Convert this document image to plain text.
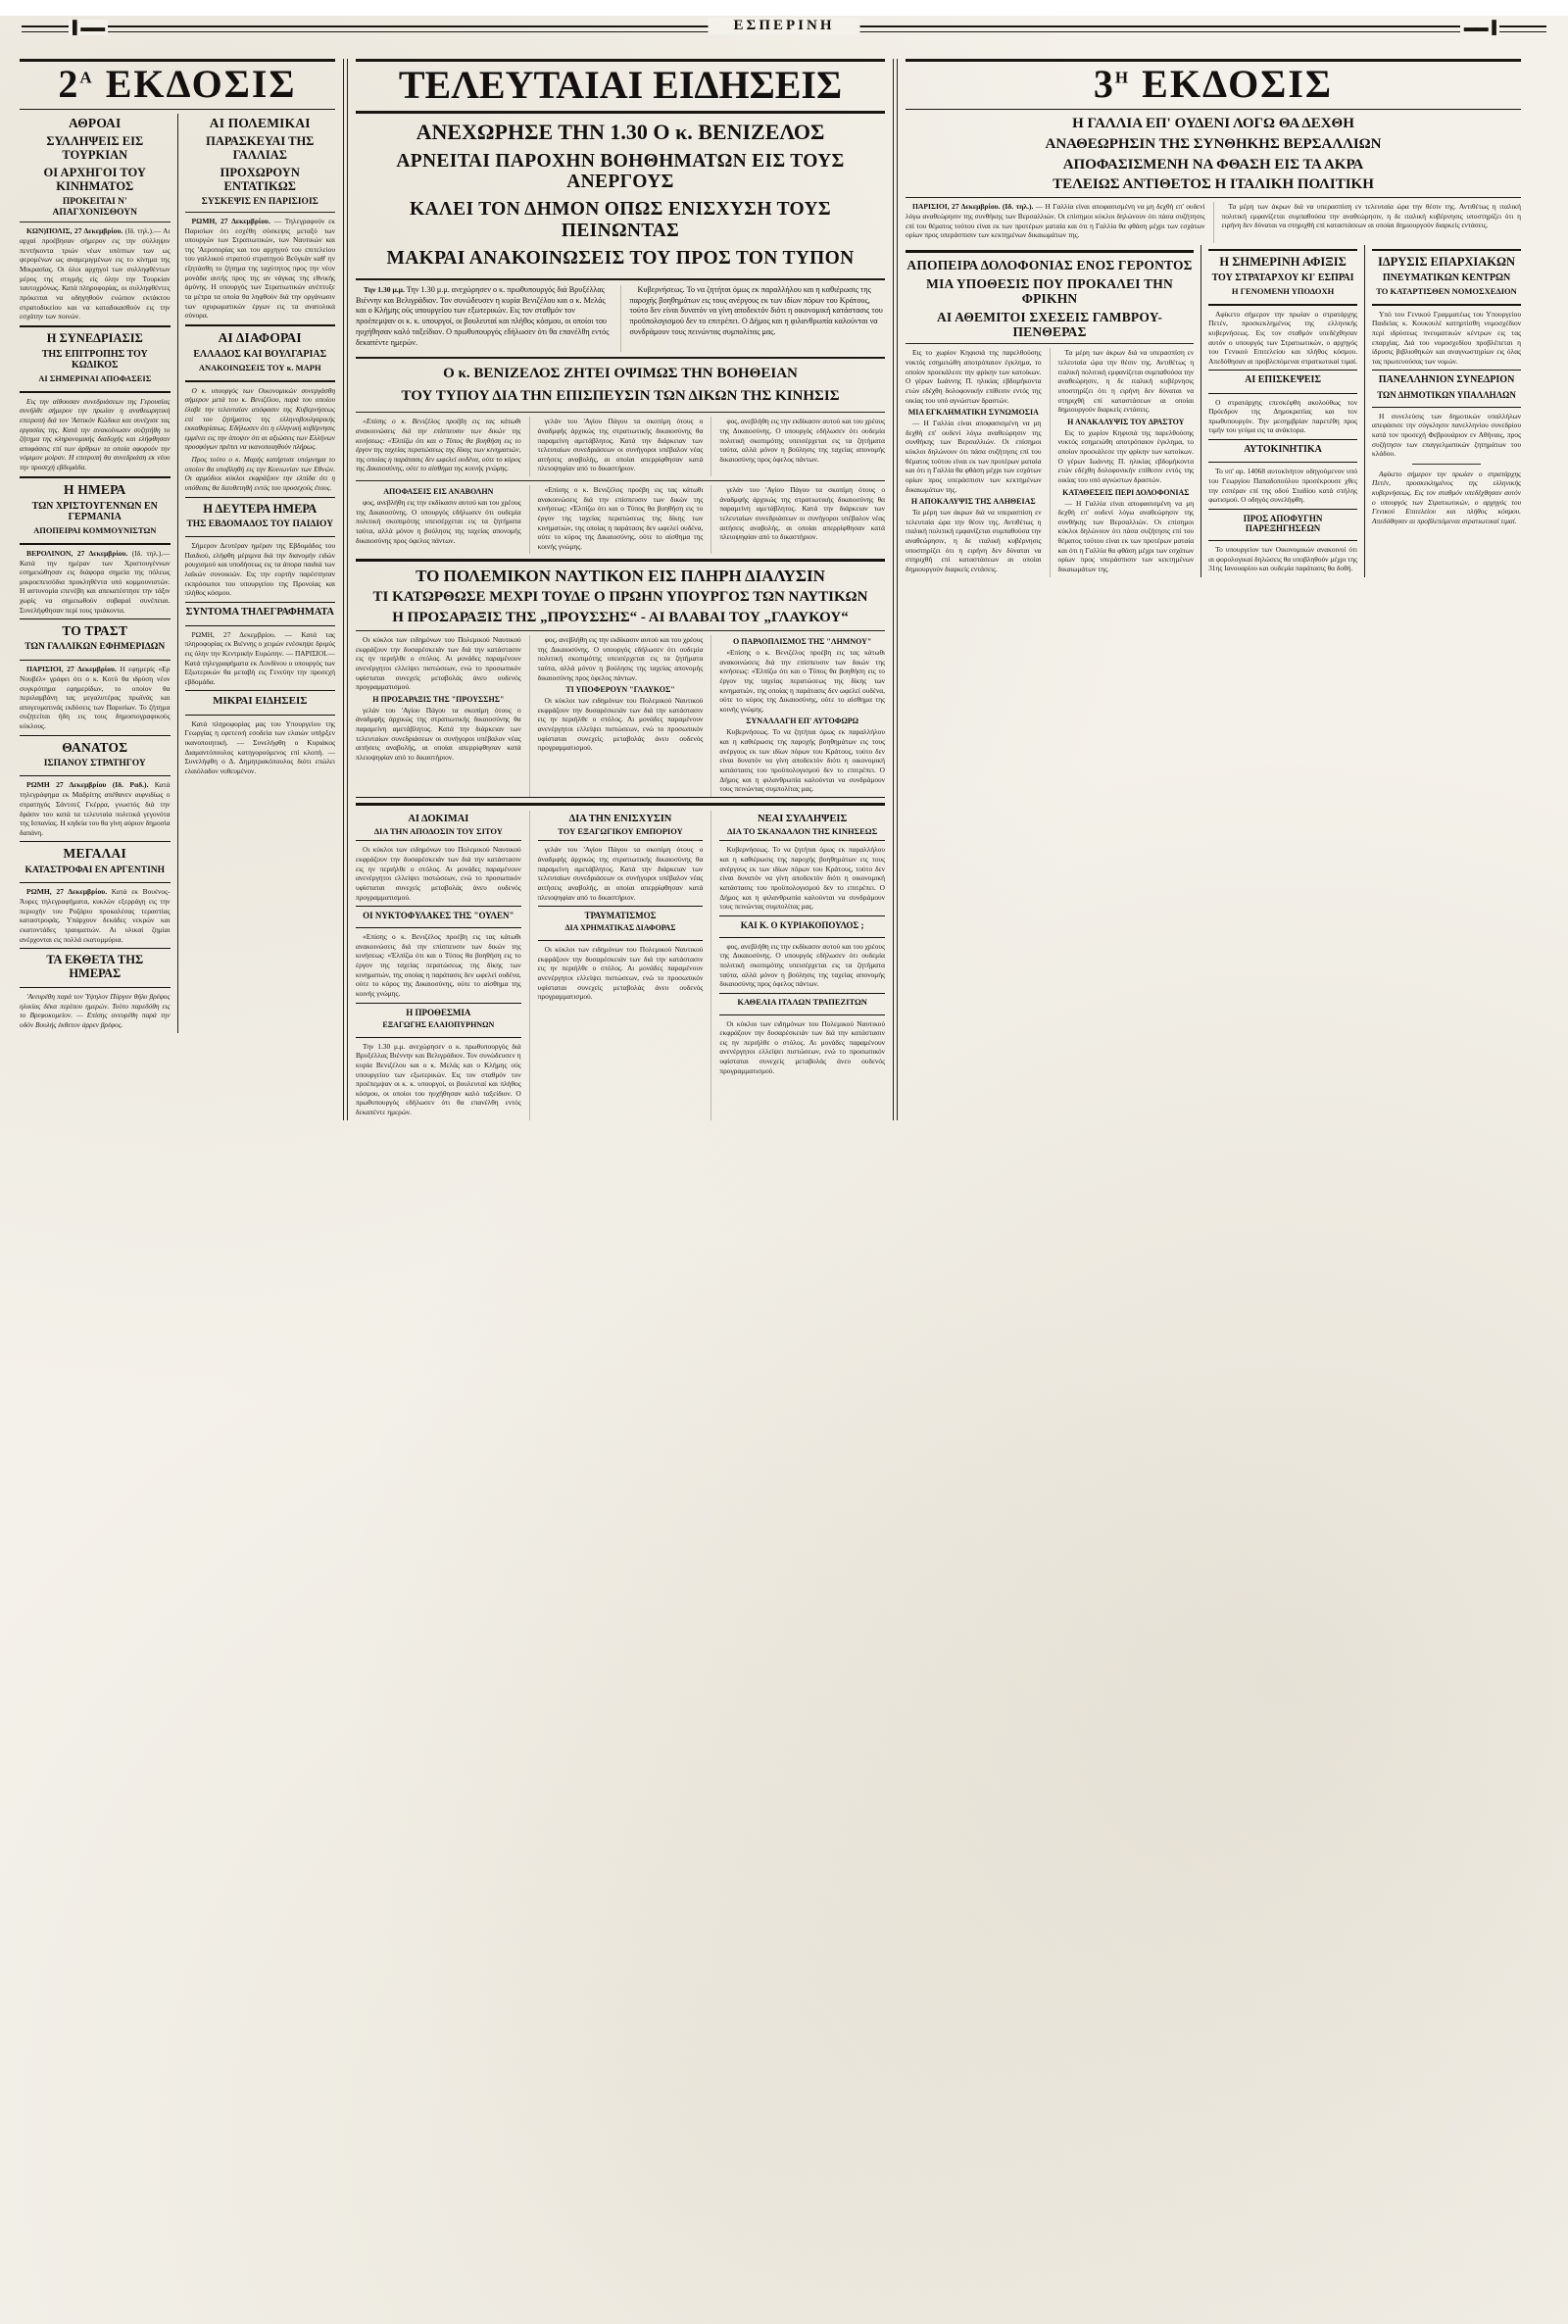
▌▬▬	ΕΣΠΕΡΙΝΗ	▬▬▐
$2^A$ ΕΚΔΟΣΙΣ
ΑΘΡΟΑΙ
ΣΥΛΛΗΨΕΙΣ ΕΙΣ ΤΟΥΡΚΙΑΝ
ΟΙ ΑΡΧΗΓΟΙ ΤΟΥ ΚΙΝΗΜΑΤΟΣ
ΠΡΟΚΕΙΤΑΙ Ν' ΑΠΑΓΧΟΝΙΣΘΟΥΝ

ΚΩΝ)ΠΟΛΙΣ, 27 Δεκεμβρίου. (Ιδ. τηλ.).— Αι αρχαί προέβησαν σήμερον εις την σύλληψιν πεντήκοντα τριών νέων υπόπτων των ως φερομένων ως αναμεμιγμένων εις το κίνημα της Μικρασίας. Οι όλοι αρχηγοί των συλληφθέντων μέρος της στιγμής είς όλην την Τουρκίαν ταυτοχρόνως. Κατά πληροφορίας, οι συλληφθέντες πρόκειται να οδηγηθούν ενώπιον εκτάκτου στρατοδικείου και να καταδικασθούν εις την εσχάτην των ποινών.

Η ΣΥΝΕΔΡΙΑΣΙΣ
ΤΗΣ ΕΠΙΤΡΟΠΗΣ ΤΟΥ ΚΩΔΙΚΟΣ
ΑΙ ΣΗΜΕΡΙΝΑΙ ΑΠΟΦΑΣΕΙΣ

Εις την αίθουσαν συνεδριάσεων της Γερουσίας συνήλθε σήμερον την πρωίαν η αναθεωρητική επιτροπή διά τον 'Αστικόν Κώδικα και συνέχισε τας εργασίας της. Κατά την ανακοίνωσιν συζητήθη το ζήτημα της κληρονομικής διαδοχής και ελήφθησαν αποφάσεις επί των άρθρων τα οποία αφορούν την νόμιμον μοίραν. Η επιτροπή θα συνεδριάση εκ νέου την προσεχή εβδομάδα.

Η ΗΜΕΡΑ
ΤΩΝ ΧΡΙΣΤΟΥΓΕΝΝΩΝ ΕΝ ΓΕΡΜΑΝΙΑ
ΑΠΟΠΕΙΡΑΙ ΚΟΜΜΟΥΝΙΣΤΩΝ

ΒΕΡΟΛΙΝΟΝ, 27 Δεκεμβρίου. (Ιδ. τηλ.).— Κατά την ημέραν των Χριστουγέννων εσημειώθησαν εις διάφορα σημεία της πόλεως μικροεπεισόδια προκληθέντα υπό κομμουνιστών. Η αστυνομία επενέβη και απεκατέστησε την τάξιν χωρίς να σημειωθούν σοβαραί συνέπειαι. Συνελήφθησαν περί τους τριάκοντα.

ΤΟ ΤΡΑΣΤ
ΤΩΝ ΓΑΛΛΙΚΩΝ ΕΦΗΜΕΡΙΔΩΝ

ΠΑΡΙΣΙΟΙ, 27 Δεκεμβρίου. Η εφημερίς «Ερ Νουβέλ» γράφει ότι ο κ. Κοτύ θα ιδρύση νέον συγκρότημα εφημερίδων, το οποίον θα περιλαμβάνη τας μεγαλυτέρας πρωϊνάς και απογευματινάς εκδόσεις των Παρισίων. Το ζήτημα συζητείται ήδη εις τους δημοσιογραφικούς κύκλους.

ΘΑΝΑΤΟΣ
ΙΣΠΑΝΟΥ ΣΤΡΑΤΗΓΟΥ

ΡΩΜΗ 27 Δεκεμβρίου (Ιδ. Ραδ.). Κατά τηλεγράφημα εκ Μαδρίτης απέθανεν αιφνιδίως ο στρατηγός Σάντσεζ Γκέρρα, γνωστός διά την δράσιν του κατά τα τελευταία πολιτικά γεγονότα της Ισπανίας. Η κηδεία του θα γίνη αύριον δημοσία δαπάνη.

ΜΕΓΑΛΑΙ
ΚΑΤΑΣΤΡΟΦΑΙ ΕΝ ΑΡΓΕΝΤΙΝΗ

ΡΩΜΗ, 27 Δεκεμβρίου. Κατά εκ Βουένος-Άυρες τηλεγραφήματα, κυκλών εξερράγη εις την περιοχήν του Ροζάριο προκαλέσας τεραστίας καταστροφάς. Υπάρχουν δεκάδες νεκρών και εκατοντάδες τραυματιών. Αι υλικαί ζημίαι ανέρχονται εις πολλά εκατομμύρια.

ΤΑ ΕΚΘΕΤΑ ΤΗΣ ΗΜΕΡΑΣ

'Ανευρέθη παρά τον Ύψηλον Πύργον θήλυ βρέφος ηλικίας δέκα περίπου ημερών. Τούτο παρεδόθη εις το Βρεφοκομείον. — Επίσης ανευρέθη παρά την οδόν Βουλής έκθετον άρρεν βρέφος.

ΑΙ ΠΟΛΕΜΙΚΑΙ
ΠΑΡΑΣΚΕΥΑΙ ΤΗΣ ΓΑΛΛΙΑΣ
ΠΡΟΧΩΡΟΥΝ ΕΝΤΑΤΙΚΩΣ
ΣΥΣΚΕΨΙΣ ΕΝ ΠΑΡΙΣΙΟΙΣ

ΡΩΜΗ, 27 Δεκεμβρίου. — Τηλεγραφούν εκ Παρισίων ότι εσχέθη σύσκεψις μεταξύ των υπουργών των Στρατιωτικών, των Ναυτικών και της 'Αεροπορίας και του αρχηγού του επιτελείου του γαλλικού στρατού στρατηγού Βεϋγκάν καθ' ην εξητάσθη το ζήτημα της ταχύτητος προς την νέον μονάδα αυτής προς της αν νάγκας της εθνικής άμύνης. Η υπουργός των Στρατιωτικών ανέπτυξε τα μέτρα τα οποία θα ληφθούν διά την οργάνωσιν των οχυρωματικών έργων εις τα ανατολικά σύνορα.

ΑΙ ΔΙΑΦΟΡΑΙ
ΕΛΛΑΔΟΣ ΚΑΙ ΒΟΥΛΓΑΡΙΑΣ
ΑΝΑΚΟΙΝΩΣΕΙΣ ΤΟΥ κ. ΜΑΡΗ

Ο κ. υπουργός των Οικονομικών συνεργάσθη σήμερον μετά του κ. Βενιζέλου, παρά του οποίου έλαβε την τελευταίαν απόφασιν της Κυβερνήσεως επί του ζητήματος της ελληνοβουλγαρικής εκκαθαρίσεως. Εδήλωσεν ότι η ελληνική κυβέρνησις εμμένει εις την άποψιν ότι αι αξιώσεις των Ελλήνων προσφύγων πρέπει να ικανοποιηθούν πλήρως.

Προς τούτο ο κ. Μαρής κατήρτισε υπόμνημα το οποίον θα υποβληθή εις την Κοινωνίαν των Εθνών. Οι αρμόδιοι κύκλοι εκφράζουν την ελπίδα ότι η υπόθεσις θα διευθετηθή εντός του προσεχούς έτους.

Η ΔΕΥΤΕΡΑ ΗΜΕΡΑ
ΤΗΣ ΕΒΔΟΜΑΔΟΣ ΤΟΥ ΠΑΙΔΙΟΥ

Σήμερον Δευτέραν ημέραν της Εβδομάδος του Παιδιού, ελήφθη μέριμνα διά την διανομήν ειδών ρουχισμού και υποδήσεως εις τα άπορα παιδιά των λαϊκών συνοικιών. Εις την εορτήν παρέστησαν εκπρόσωποι του υπουργείου της Προνοίας και πλήθος κόσμου.

ΣΥΝΤΟΜΑ ΤΗΛΕΓΡΑΦΗΜΑΤΑ

ΡΩΜΗ, 27 Δεκεμβρίου. — Κατά τας πληροφορίας εκ Βιέννης ο χειμών ενέσκηψε δριμύς εις όλην την Κεντρικήν Ευρώπην. — ΠΑΡΙΣΙΟΙ.— Κατά τηλεγραφήματα εκ Λονδίνου ο υπουργός των Εξωτερικών θα μεταβή εις Γενεύην την προσεχή εβδομάδα.

ΜΙΚΡΑΙ ΕΙΔΗΣΕΙΣ

Κατά πληροφορίας μας του Υπουργείου της Γεωργίας η εφετεινή εσοδεία των ελαιών υπήρξεν ικανοποιητική. — Συνελήφθη ο Κυριάκος Διαμαντόπουλος κατηγορούμενος επί κλοπή. — Συνελήφθη ο Δ. Δημητρακόπουλος διότι επώλει ελαιόλαδον νοθευμένον.

ΤΕΛΕΥΤΑΙΑΙ ΕΙΔΗΣΕΙΣ
ΑΝΕΧΩΡΗΣΕ ΤΗΝ 1.30 Ο κ. ΒΕΝΙΖΕΛΟΣ
ΑΡΝΕΙΤΑΙ ΠΑΡΟΧΗΝ ΒΟΗΘΗΜΑΤΩΝ ΕΙΣ ΤΟΥΣ ΑΝΕΡΓΟΥΣ
ΚΑΛΕΙ ΤΟΝ ΔΗΜΟΝ ΟΠΩΣ ΕΝΙΣΧΥΣΗ ΤΟΥΣ ΠΕΙΝΩΝΤΑΣ
ΜΑΚΡΑΙ ΑΝΑΚΟΙΝΩΣΕΙΣ ΤΟΥ ΠΡΟΣ ΤΟΝ ΤΥΠΟΝ

Την 1.30 μ.μ. Την 1.30 μ.μ. ανεχώρησεν ο κ. πρωθυπουργός διά Βρυξέλλας Βιέννην και Βελιγράδιον. Τον συνώδευσεν η κυρία Βενιζέλου και ο κ. Μελάς και ο Κλήμης ούς υπουργείου των εξωτερικών. Εις τον σταθμόν τον προέπεμψαν οι κ. κ. υπουργοί, οι βουλευταί και πλήθος κόσμου, οι οποίοι του ηυχήθησαν καλό ταξείδιον. Ο πρωθυπουργός εδήλωσεν ότι θα επανέλθη εντός δεκαπέντε ημερών.

Κυβερνήσεως. Το να ζητήται όμως εκ παραλλήλου και η καθιέρωσις της παροχής βοηθημάτων εις τους ανέργους εκ των ιδίων πόρων του Κράτους, τούτο δεν είναι δυνατόν να γίνη αποδεκτόν διότι η οικονομική κατάστασις του προϋπολογισμού δεν το επιτρέπει. Ο Δήμος και η φιλανθρωπία καλούνται να συνδράμουν τους πεινώντας συμπολίτας μας.

Ο κ. ΒΕΝΙΖΕΛΟΣ ΖΗΤΕΙ ΟΨΙΜΩΣ ΤΗΝ ΒΟΗΘΕΙΑΝ
ΤΟΥ ΤΥΠΟΥ ΔΙΑ ΤΗΝ ΕΠΙΣΠΕΥΣΙΝ ΤΩΝ ΔΙΚΩΝ ΤΗΣ ΚΙΝΗΣΙΣ

«Επίσης ο κ. Βενιζέλος προέβη εις τας κάτωθι ανακοινώσεις διά την επίσπευσιν των δικών της κινήσεως: «Έλπίζω ότι και ο Τύπος θα βοηθήση εις το έργον της ταχείας περατώσεως της δίκης των κινηματιών, της οποίας η παράτασις δεν ωφελεί ουδένα, ούτε το κύρος της Δικαιοσύνης, ούτε το αίσθημα της κοινής γνώμης.

γελάν του 'Αγίου Πάγου τα σκοπίμη ότους ο άναδμφής άρχικώς της στρατιωτικής δικαιοσύνης θα παραμείνη αμετάβλητος. Κατά την διάρκειαν των τελευταίων συνεδριάσεων οι συνήγοροι υπέβαλον νέας αιτήσεις αναβολής, αι οποίαι απερρίφθησαν κατά πλειοψηφίαν από το δικαστήριον.

φος, ανεβλήθη εις την εκδίκασιν αυτού και του χρέους της Δικαιοσύνης. Ο υπουργός εδήλωσεν ότι ουδεμία πολιτική σκοπιμότης υπεισέρχεται εις τα ζητήματα ταύτα, αλλά μόνον η βούλησις της ταχείας απονομής δικαιοσύνης προς όφελος πάντων.

ΑΠΟΦΑΣΕΙΣ ΕΙΣ ΑΝΑΒΟΛΗΝ

φος, ανεβλήθη εις την εκδίκασιν αυτού και του χρέους της Δικαιοσύνης. Ο υπουργός εδήλωσεν ότι ουδεμία πολιτική σκοπιμότης υπεισέρχεται εις τα ζητήματα ταύτα, αλλά μόνον η βούλησις της ταχείας απονομής δικαιοσύνης προς όφελος πάντων.

«Επίσης ο κ. Βενιζέλος προέβη εις τας κάτωθι ανακοινώσεις διά την επίσπευσιν των δικών της κινήσεως: «Έλπίζω ότι και ο Τύπος θα βοηθήση εις το έργον της ταχείας περατώσεως της δίκης των κινηματιών, της οποίας η παράτασις δεν ωφελεί ουδένα, ούτε το κύρος της Δικαιοσύνης, ούτε το αίσθημα της κοινής γνώμης.

γελάν του 'Αγίου Πάγου τα σκοπίμη ότους ο άναδμφής άρχικώς της στρατιωτικής δικαιοσύνης θα παραμείνη αμετάβλητος. Κατά την διάρκειαν των τελευταίων συνεδριάσεων οι συνήγοροι υπέβαλον νέας αιτήσεις αναβολής, αι οποίαι απερρίφθησαν κατά πλειοψηφίαν από το δικαστήριον.

ΤΟ ΠΟΛΕΜΙΚΟΝ ΝΑΥΤΙΚΟΝ ΕΙΣ ΠΛΗΡΗ ΔΙΑΛΥΣΙΝ
ΤΙ ΚΑΤΩΡΘΩΣΕ ΜΕΧΡΙ ΤΟΥΔΕ Ο ΠΡΩΗΝ ΥΠΟΥΡΓΟΣ ΤΩΝ ΝΑΥΤΙΚΩΝ
Η ΠΡΟΣΑΡΑΞΙΣ ΤΗΣ „ΠΡΟΥΣΣΗΣ“ - ΑΙ ΒΛΑΒΑΙ ΤΟΥ „ΓΛΑΥΚΟΥ“

Οι κύκλοι των ειδημόνων του Πολεμικού Ναυτικού εκφράζουν την δυσαρέσκειάν των διά την κατάστασιν εις ην περιήλθε ο στόλος. Αι μονάδες παραμένουν ανενέργητοι ελλείψει πιστώσεων, ενώ το προσωπικόν υφίσταται συνεχείς μεταβολάς άνευ ουδενός προγραμματισμού.

Η ΠΡΟΣΑΡΑΞΙΣ ΤΗΣ "ΠΡΟΥΣΣΗΣ"

γελάν του 'Αγίου Πάγου τα σκοπίμη ότους ο άναδμφής άρχικώς της στρατιωτικής δικαιοσύνης θα παραμείνη αμετάβλητος. Κατά την διάρκειαν των τελευταίων συνεδριάσεων οι συνήγοροι υπέβαλον νέας αιτήσεις αναβολής, αι οποίαι απερρίφθησαν κατά πλειοψηφίαν από το δικαστήριον.

φος, ανεβλήθη εις την εκδίκασιν αυτού και του χρέους της Δικαιοσύνης. Ο υπουργός εδήλωσεν ότι ουδεμία πολιτική σκοπιμότης υπεισέρχεται εις τα ζητήματα ταύτα, αλλά μόνον η βούλησις της ταχείας απονομής δικαιοσύνης προς όφελος πάντων.

ΤΙ ΥΠΟΦΕΡΟΥΝ "ΓΛΑΥΚΟΣ"

Οι κύκλοι των ειδημόνων του Πολεμικού Ναυτικού εκφράζουν την δυσαρέσκειάν των διά την κατάστασιν εις ην περιήλθε ο στόλος. Αι μονάδες παραμένουν ανενέργητοι ελλείψει πιστώσεων, ενώ το προσωπικόν υφίσταται συνεχείς μεταβολάς άνευ ουδενός προγραμματισμού.

Ο ΠΑΡΑΟΠΛΙΣΜΟΣ ΤΗΣ "ΛΗΜΝΟΥ"

«Επίσης ο κ. Βενιζέλος προέβη εις τας κάτωθι ανακοινώσεις διά την επίσπευσιν των δικών της κινήσεως: «Έλπίζω ότι και ο Τύπος θα βοηθήση εις το έργον της ταχείας περατώσεως της δίκης των κινηματιών, της οποίας η παράτασις δεν ωφελεί ουδένα, ούτε το κύρος της Δικαιοσύνης, ούτε το αίσθημα της κοινής γνώμης.

ΣΥΝΑΛΛΑΓΗ ΕΠ' ΑΥΤΟΦΩΡΩ

Κυβερνήσεως. Το να ζητήται όμως εκ παραλλήλου και η καθιέρωσις της παροχής βοηθημάτων εις τους ανέργους εκ των ιδίων πόρων του Κράτους, τούτο δεν είναι δυνατόν να γίνη αποδεκτόν διότι η οικονομική κατάστασις του προϋπολογισμού δεν το επιτρέπει. Ο Δήμος και η φιλανθρωπία καλούνται να συνδράμουν τους πεινώντας συμπολίτας μας.

ΑΙ ΔΟΚΙΜΑΙ
ΔΙΑ ΤΗΝ ΑΠΟΔΟΣΙΝ ΤΟΥ ΣΙΤΟΥ

Οι κύκλοι των ειδημόνων του Πολεμικού Ναυτικού εκφράζουν την δυσαρέσκειάν των διά την κατάστασιν εις ην περιήλθε ο στόλος. Αι μονάδες παραμένουν ανενέργητοι ελλείψει πιστώσεων, ενώ το προσωπικόν υφίσταται συνεχείς μεταβολάς άνευ ουδενός προγραμματισμού.

ΟΙ ΝΥΚΤΟΦΥΛΑΚΕΣ ΤΗΣ "ΟΥΛΕΝ"

«Επίσης ο κ. Βενιζέλος προέβη εις τας κάτωθι ανακοινώσεις διά την επίσπευσιν των δικών της κινήσεως: «Έλπίζω ότι και ο Τύπος θα βοηθήση εις το έργον της ταχείας περατώσεως της δίκης των κινηματιών, της οποίας η παράτασις δεν ωφελεί ουδένα, ούτε το κύρος της Δικαιοσύνης, ούτε το αίσθημα της κοινής γνώμης.

Η ΠΡΟΘΕΣΜΙΑ
ΕΞΑΓΩΓΗΣ ΕΛΑΙΟΠΥΡΗΝΩΝ

Την 1.30 μ.μ. ανεχώρησεν ο κ. πρωθυπουργός διά Βρυξέλλας Βιέννην και Βελιγράδιον. Τον συνώδευσεν η κυρία Βενιζέλου και ο κ. Μελάς και ο Κλήμης ούς υπουργείου των εξωτερικών. Εις τον σταθμόν τον προέπεμψαν οι κ. κ. υπουργοί, οι βουλευταί και πλήθος κόσμου, οι οποίοι του ηυχήθησαν καλό ταξείδιον. Ο πρωθυπουργός εδήλωσεν ότι θα επανέλθη εντός δεκαπέντε ημερών.

ΔΙΑ ΤΗΝ ΕΝΙΣΧΥΣΙΝ
ΤΟΥ ΕΞΑΓΩΓΙΚΟΥ ΕΜΠΟΡΙΟΥ

γελάν του 'Αγίου Πάγου τα σκοπίμη ότους ο άναδμφής άρχικώς της στρατιωτικής δικαιοσύνης θα παραμείνη αμετάβλητος. Κατά την διάρκειαν των τελευταίων συνεδριάσεων οι συνήγοροι υπέβαλον νέας αιτήσεις αναβολής, αι οποίαι απερρίφθησαν κατά πλειοψηφίαν από το δικαστήριον.

ΤΡΑΥΜΑΤΙΣΜΟΣ
ΔΙΑ ΧΡΗΜΑΤΙΚΑΣ ΔΙΑΦΟΡΑΣ

Οι κύκλοι των ειδημόνων του Πολεμικού Ναυτικού εκφράζουν την δυσαρέσκειάν των διά την κατάστασιν εις ην περιήλθε ο στόλος. Αι μονάδες παραμένουν ανενέργητοι ελλείψει πιστώσεων, ενώ το προσωπικόν υφίσταται συνεχείς μεταβολάς άνευ ουδενός προγραμματισμού.

ΝΕΑΙ ΣΥΛΛΗΨΕΙΣ
ΔΙΑ ΤΟ ΣΚΑΝΔΑΛΟΝ ΤΗΣ ΚΙΝΗΣΕΩΣ

Κυβερνήσεως. Το να ζητήται όμως εκ παραλλήλου και η καθιέρωσις της παροχής βοηθημάτων εις τους ανέργους εκ των ιδίων πόρων του Κράτους, τούτο δεν είναι δυνατόν να γίνη αποδεκτόν διότι η οικονομική κατάστασις του προϋπολογισμού δεν το επιτρέπει. Ο Δήμος και η φιλανθρωπία καλούνται να συνδράμουν τους πεινώντας συμπολίτας μας.

ΚΑΙ Κ. Ο ΚΥΡΙΑΚΟΠΟΥΛΟΣ ;

φος, ανεβλήθη εις την εκδίκασιν αυτού και του χρέους της Δικαιοσύνης. Ο υπουργός εδήλωσεν ότι ουδεμία πολιτική σκοπιμότης υπεισέρχεται εις τα ζητήματα ταύτα, αλλά μόνον η βούλησις της ταχείας απονομής δικαιοσύνης προς όφελος πάντων.

ΚΑΘΕΛΙΑ ΙΤΑΛΩΝ ΤΡΑΠΕΖΙΤΩΝ

Οι κύκλοι των ειδημόνων του Πολεμικού Ναυτικού εκφράζουν την δυσαρέσκειάν των διά την κατάστασιν εις ην περιήλθε ο στόλος. Αι μονάδες παραμένουν ανενέργητοι ελλείψει πιστώσεων, ενώ το προσωπικόν υφίσταται συνεχείς μεταβολάς άνευ ουδενός προγραμματισμού.

$3^H$ ΕΚΔΟΣΙΣ
Η ΓΑΛΛΙΑ ΕΠ' ΟΥΔΕΝΙ ΛΟΓΩ ΘΑ ΔΕΧΘΗ
ΑΝΑΘΕΩΡΗΣΙΝ ΤΗΣ ΣΥΝΘΗΚΗΣ ΒΕΡΣΑΛΛΙΩΝ
ΑΠΟΦΑΣΙΣΜΕΝΗ ΝΑ ΦΘΑΣΗ ΕΙΣ ΤΑ ΑΚΡΑ
ΤΕΛΕΙΩΣ ΑΝΤΙΘΕΤΟΣ Η ΙΤΑΛΙΚΗ ΠΟΛΙΤΙΚΗ

ΠΑΡΙΣΙΟΙ, 27 Δεκεμβρίου. (Ιδ. τηλ.). — Η Γαλλία είναι αποφασισμένη να μη δεχθή επ' ουδενί λόγω αναθεώρησιν της συνθήκης των Βερσαλλιών. Οι επίσημοι κύκλοι δηλώνουν ότι πάσα συζήτησις επί του θέματος τούτου είναι εκ των προτέρων ματαία και ότι η Γαλλία θα φθάση μέχρι των εσχάτων ορίων προς υπεράσπισιν των κεκτημένων δικαιωμάτων της.

Τα μέρη των άκρων διά να υπερασπίση εν τελευταία ώρα την θέσιν της. Αντιθέτως η ιταλική πολιτική εμφανίζεται συμπαθούσα την αναθεώρησιν, η δε ιταλική κυβέρνησις υποστηρίζει ότι η ειρήνη δεν δύναται να στηριχθή επί καταστάσεων αι οποίαι δημιουργούν διαρκείς εντάσεις.

ΑΠΟΠΕΙΡΑ ΔΟΛΟΦΟΝΙΑΣ ΕΝΟΣ ΓΕΡΟΝΤΟΣ
ΜΙΑ ΥΠΟΘΕΣΙΣ ΠΟΥ ΠΡΟΚΑΛΕΙ ΤΗΝ ΦΡΙΚΗΝ
ΑΙ ΑΘΕΜΙΤΟΙ ΣΧΕΣΕΙΣ ΓΑΜΒΡΟΥ-ΠΕΝΘΕΡΑΣ

Εις το χωρίον Κηφισιά της παρελθούσης νυκτός εσημειώθη αποτρόπαιον έγκλημα, το οποίον προεκάλεσε την φρίκην των κατοίκων. Ο γέρων Ιωάννης Π. ηλικίας εβδομήκοντα ετών εδέχθη δολοφονικήν επίθεσιν εντός της οικίας του υπό αγνώστων δραστών.

ΜΙΑ ΕΓΚΛΗΜΑΤΙΚΗ ΣΥΝΩΜΟΣΙΑ

— Η Γαλλία είναι αποφασισμένη να μη δεχθή επ' ουδενί λόγω αναθεώρησιν της συνθήκης των Βερσαλλιών. Οι επίσημοι κύκλοι δηλώνουν ότι πάσα συζήτησις επί του θέματος τούτου είναι εκ των προτέρων ματαία και ότι η Γαλλία θα φθάση μέχρι των εσχάτων ορίων προς υπεράσπισιν των κεκτημένων δικαιωμάτων της.

Η ΑΠΟΚΑΛΥΨΙΣ ΤΗΣ ΑΛΗΘΕΙΑΣ

Τα μέρη των άκρων διά να υπερασπίση εν τελευταία ώρα την θέσιν της. Αντιθέτως η ιταλική πολιτική εμφανίζεται συμπαθούσα την αναθεώρησιν, η δε ιταλική κυβέρνησις υποστηρίζει ότι η ειρήνη δεν δύναται να στηριχθή επί καταστάσεων αι οποίαι δημιουργούν διαρκείς εντάσεις.

Τα μέρη των άκρων διά να υπερασπίση εν τελευταία ώρα την θέσιν της. Αντιθέτως η ιταλική πολιτική εμφανίζεται συμπαθούσα την αναθεώρησιν, η δε ιταλική κυβέρνησις υποστηρίζει ότι η ειρήνη δεν δύναται να στηριχθή επί καταστάσεων αι οποίαι δημιουργούν διαρκείς εντάσεις.

Η ΑΝΑΚΑΛΥΨΙΣ ΤΟΥ ΔΡΑΣΤΟΥ

Εις το χωρίον Κηφισιά της παρελθούσης νυκτός εσημειώθη αποτρόπαιον έγκλημα, το οποίον προεκάλεσε την φρίκην των κατοίκων. Ο γέρων Ιωάννης Π. ηλικίας εβδομήκοντα ετών εδέχθη δολοφονικήν επίθεσιν εντός της οικίας του υπό αγνώστων δραστών.

ΚΑΤΑΘΕΣΕΙΣ ΠΕΡΙ ΔΟΛΟΦΟΝΙΑΣ

— Η Γαλλία είναι αποφασισμένη να μη δεχθή επ' ουδενί λόγω αναθεώρησιν της συνθήκης των Βερσαλλιών. Οι επίσημοι κύκλοι δηλώνουν ότι πάσα συζήτησις επί του θέματος τούτου είναι εκ των προτέρων ματαία και ότι η Γαλλία θα φθάση μέχρι των εσχάτων ορίων προς υπεράσπισιν των κεκτημένων δικαιωμάτων της.

Η ΣΗΜΕΡΙΝΗ ΑΦΙΞΙΣ
ΤΟΥ ΣΤΡΑΤΑΡΧΟΥ ΚΙ' ΕΣΠΡΑΙ
Η ΓΕΝΟΜΕΝΗ ΥΠΟΔΟΧΗ

Αφίκετο σήμερον την πρωίαν ο στρατάρχης Πετέν, προσκεκλημένος της ελληνικής κυβερνήσεως. Εις τον σταθμόν υπεδέχθησαν αυτόν ο υπουργός των Στρατιωτικών, ο αρχηγός του Γενικού Επιτελείου και πλήθος κόσμου. Απεδόθησαν αι προβλεπόμεναι στρατιωτικαί τιμαί.

ΑΙ ΕΠΙΣΚΕΨΕΙΣ

Ο στρατάρχης επεσκέφθη ακολούθως τον Πρόεδρον της Δημοκρατίας και τον πρωθυπουργόν. Την μεσημβρίαν παρετέθη προς τιμήν του γεύμα εις τα ανάκτορα.

ΑΥΤΟΚΙΝΗΤΙΚΑ

Το υπ' αρ. 14068 αυτοκίνητον οδηγούμενον υπό του Γεωργίου Παπαδοπούλου προσέκρουσε χθες την εσπέραν επί της οδού Σταδίου κατά στήλης φωτισμού. Ο οδηγός συνελήφθη.

ΠΡΟΣ ΑΠΟΦΥΓΗΝ ΠΑΡΕΞΗΓΗΣΕΩΝ

Το υπουργείον των Οικονομικών ανακοινοί ότι αι φορολογικαί δηλώσεις θα υποβληθούν μέχρι της 31ης Ιανουαρίου και ουδεμία παράτασις θα δοθή.

ΙΔΡΥΣΙΣ ΕΠΑΡΧΙΑΚΩΝ
ΠΝΕΥΜΑΤΙΚΩΝ ΚΕΝΤΡΩΝ
ΤΟ ΚΑΤΑΡΤΙΣΘΕΝ ΝΟΜΟΣΧΕΔΙΟΝ

Υπό του Γενικού Γραμματέως του Υπουργείου Παιδείας κ. Κουκουλέ κατηρτίσθη νομοσχέδιον περί ιδρύσεως πνευματικών κέντρων εις τας επαρχίας. Διά του νομοσχεδίου προβλέπεται η ίδρυσις βιβλιοθηκών και αναγνωστηρίων εις όλας τας πρωτευούσας των νομών.

ΠΑΝΕΛΛΗΝΙΟΝ ΣΥΝΕΔΡΙΟΝ
ΤΩΝ ΔΗΜΟΤΙΚΩΝ ΥΠΑΛΛΗΛΩΝ

Η συνελεύσις των δημοτικών υπαλλήλων απεφάσισε την σύγκλησιν πανελληνίου συνεδρίου κατά τον προσεχή Φεβρουάριον εν Αθήναις, προς συζήτησιν των επαγγελματικών ζητημάτων του κλάδου.

Αφίκετο σήμερον την πρωίαν ο στρατάρχης Πετέν, προσκεκλημένος της ελληνικής κυβερνήσεως. Εις τον σταθμόν υπεδέχθησαν αυτόν ο υπουργός των Στρατιωτικών, ο αρχηγός του Γενικού Επιτελείου και πλήθος κόσμου. Απεδόθησαν αι προβλεπόμεναι στρατιωτικαί τιμαί.
